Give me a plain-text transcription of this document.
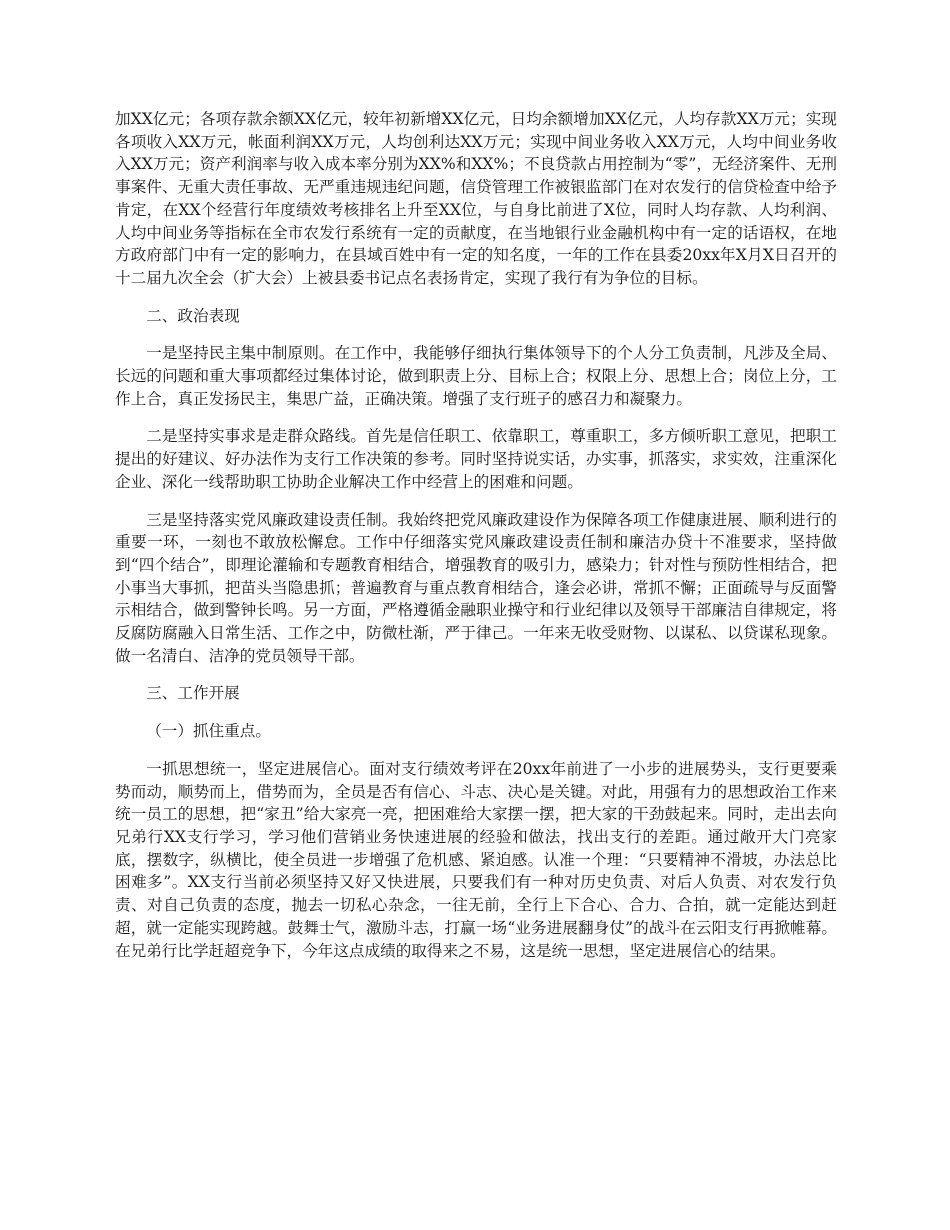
加XX亿元；各项存款余额XX亿元，较年初新增XX亿元，日均余额增加XX亿元，人均存款XX万元；实现各项收入XX万元，帐面利润XX万元，人均创利达XX万元；实现中间业务收入XX万元，人均中间业务收入XX万元；资产利润率与收入成本率分别为XX%和XX%；不良贷款占用控制为“零”，无经济案件、无刑事案件、无重大责任事故、无严重违规违纪问题，信贷管理工作被银监部门在对农发行的信贷检查中给予肯定，在XX个经营行年度绩效考核排名上升至XX位，与自身比前进了X位，同时人均存款、人均利润、人均中间业务等指标在全市农发行系统有一定的贡献度，在当地银行业金融机构中有一定的话语权，在地方政府部门中有一定的影响力，在县域百姓中有一定的知名度，一年的工作在县委20xx年X月X日召开的十二届九次全会（扩大会）上被县委书记点名表扬肯定，实现了我行有为争位的目标。

二、政治表现

一是坚持民主集中制原则。在工作中，我能够仔细执行集体领导下的个人分工负责制，凡涉及全局、长远的问题和重大事项都经过集体讨论，做到职责上分、目标上合；权限上分、思想上合；岗位上分，工作上合，真正发扬民主，集思广益，正确决策。增强了支行班子的感召力和凝聚力。

二是坚持实事求是走群众路线。首先是信任职工、依靠职工，尊重职工，多方倾听职工意见，把职工提出的好建议、好办法作为支行工作决策的参考。同时坚持说实话，办实事，抓落实，求实效，注重深化企业、深化一线帮助职工协助企业解决工作中经营上的困难和问题。

三是坚持落实党风廉政建设责任制。我始终把党风廉政建设作为保障各项工作健康进展、顺利进行的重要一环，一刻也不敢放松懈怠。工作中仔细落实党风廉政建设责任制和廉洁办贷十不准要求，坚持做到“四个结合”，即理论灌输和专题教育相结合，增强教育的吸引力，感染力；针对性与预防性相结合，把小事当大事抓，把苗头当隐患抓；普遍教育与重点教育相结合，逢会必讲，常抓不懈；正面疏导与反面警示相结合，做到警钟长鸣。另一方面，严格遵循金融职业操守和行业纪律以及领导干部廉洁自律规定，将反腐防腐融入日常生活、工作之中，防微杜渐，严于律己。一年来无收受财物、以谋私、以贷谋私现象。做一名清白、洁净的党员领导干部。

三、工作开展

（一）抓住重点。

一抓思想统一，坚定进展信心。面对支行绩效考评在20xx年前进了一小步的进展势头，支行更要乘势而动，顺势而上，借势而为，全员是否有信心、斗志、决心是关键。对此，用强有力的思想政治工作来统一员工的思想，把“家丑”给大家亮一亮，把困难给大家摆一摆，把大家的干劲鼓起来。同时，走出去向兄弟行XX支行学习，学习他们营销业务快速进展的经验和做法，找出支行的差距。通过敞开大门亮家底，摆数字，纵横比，使全员进一步增强了危机感、紧迫感。认准一个理：“只要精神不滑坡，办法总比困难多”。XX支行当前必须坚持又好又快进展，只要我们有一种对历史负责、对后人负责、对农发行负责、对自己负责的态度，抛去一切私心杂念，一往无前，全行上下合心、合力、合拍，就一定能达到赶超，就一定能实现跨越。鼓舞士气，激励斗志，打赢一场“业务进展翻身仗”的战斗在云阳支行再掀帷幕。在兄弟行比学赶超竞争下，今年这点成绩的取得来之不易，这是统一思想，坚定进展信心的结果。
